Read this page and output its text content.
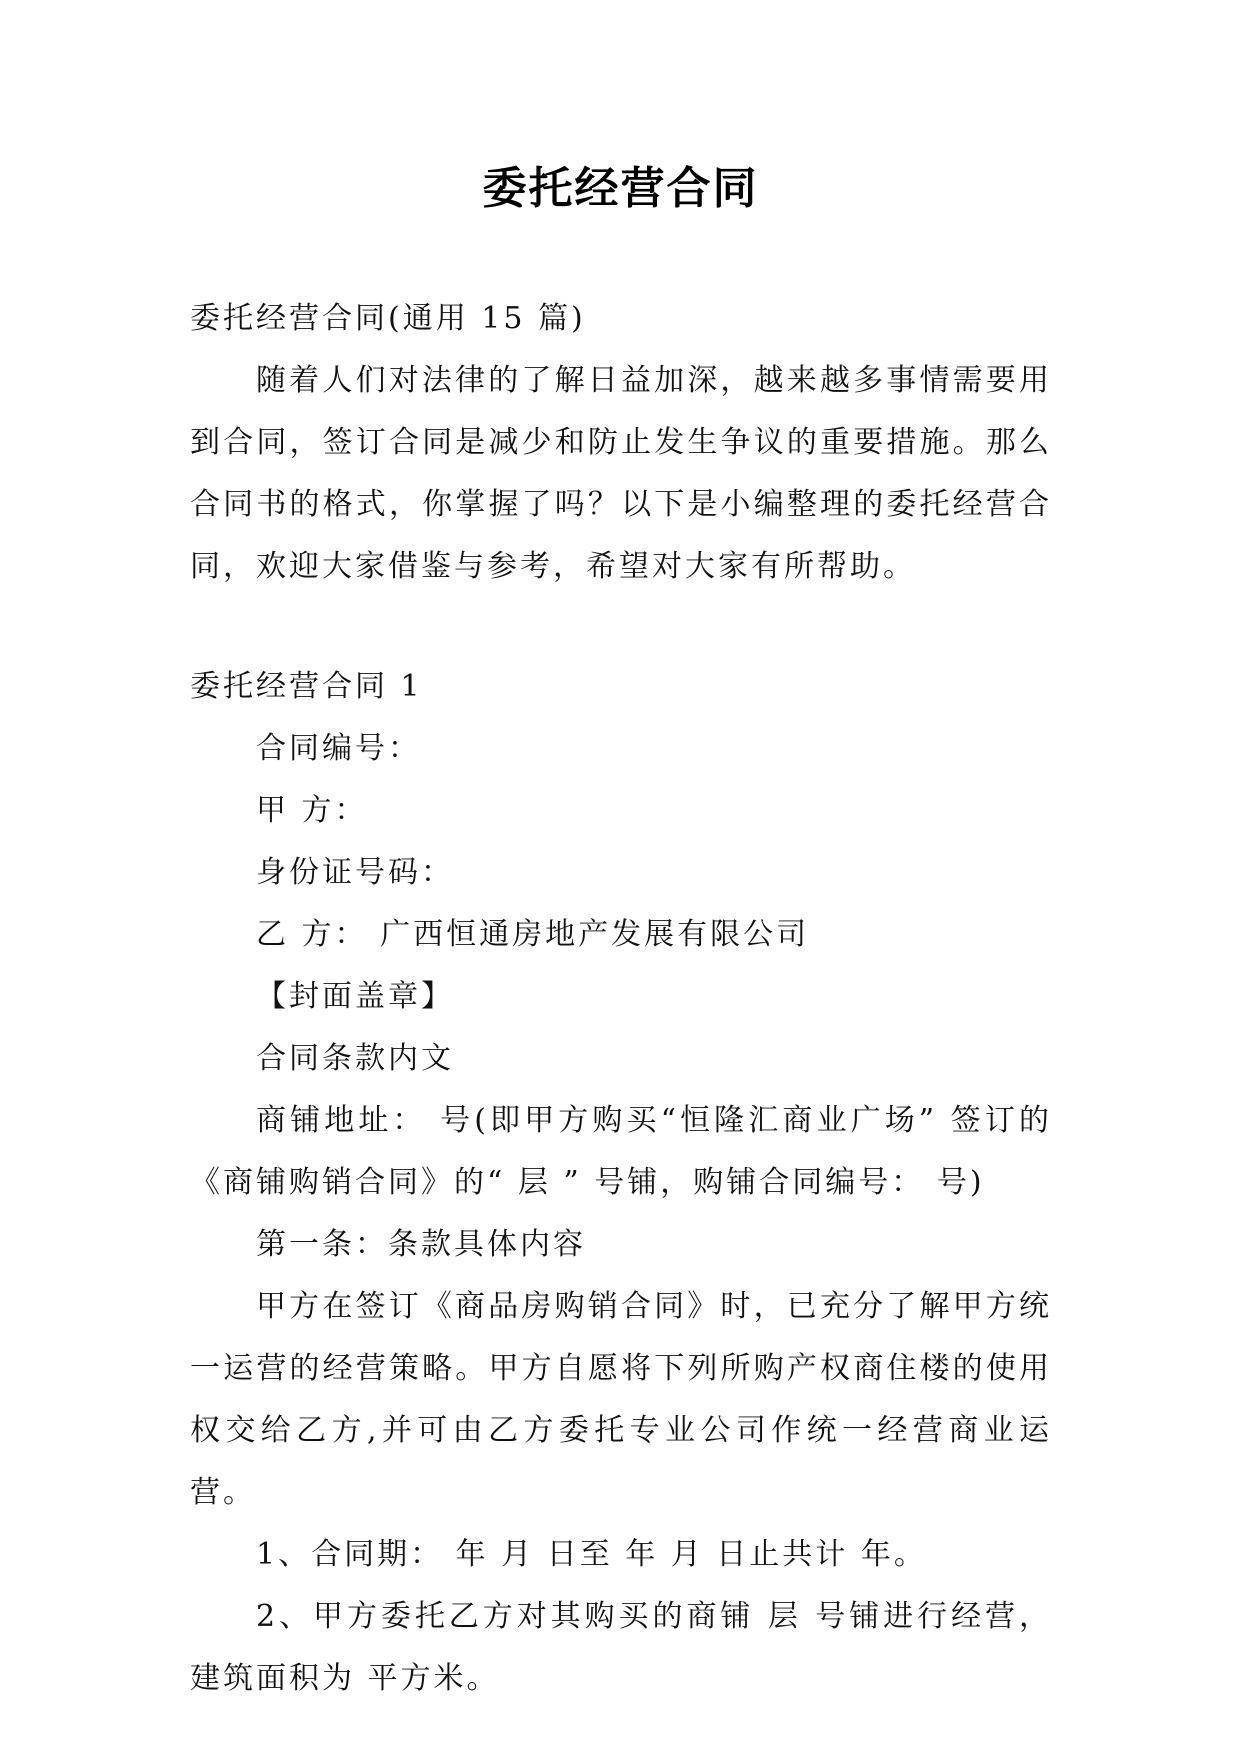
委托经营合同
委托经营合同(通用 15 篇)
随着人们对法律的了解日益加深，越来越多事情需要用到合同，签订合同是减少和防止发生争议的重要措施。那么合同书的格式，你掌握了吗？以下是小编整理的委托经营合同，欢迎大家借鉴与参考，希望对大家有所帮助。
委托经营合同 1
合同编号：
甲 方：
身份证号码：
乙 方： 广西恒通房地产发展有限公司
【封面盖章】
合同条款内文
商铺地址： 号(即甲方购买“恒隆汇商业广场” 签订的《商铺购销合同》的“ 层 ” 号铺，购铺合同编号： 号)
第一条：条款具体内容
甲方在签订《商品房购销合同》时，已充分了解甲方统一运营的经营策略。甲方自愿将下列所购产权商住楼的使用权交给乙方,并可由乙方委托专业公司作统一经营商业运营。
1、合同期： 年 月 日至 年 月 日止共计 年。
2、甲方委托乙方对其购买的商铺 层 号铺进行经营，建筑面积为 平方米。
